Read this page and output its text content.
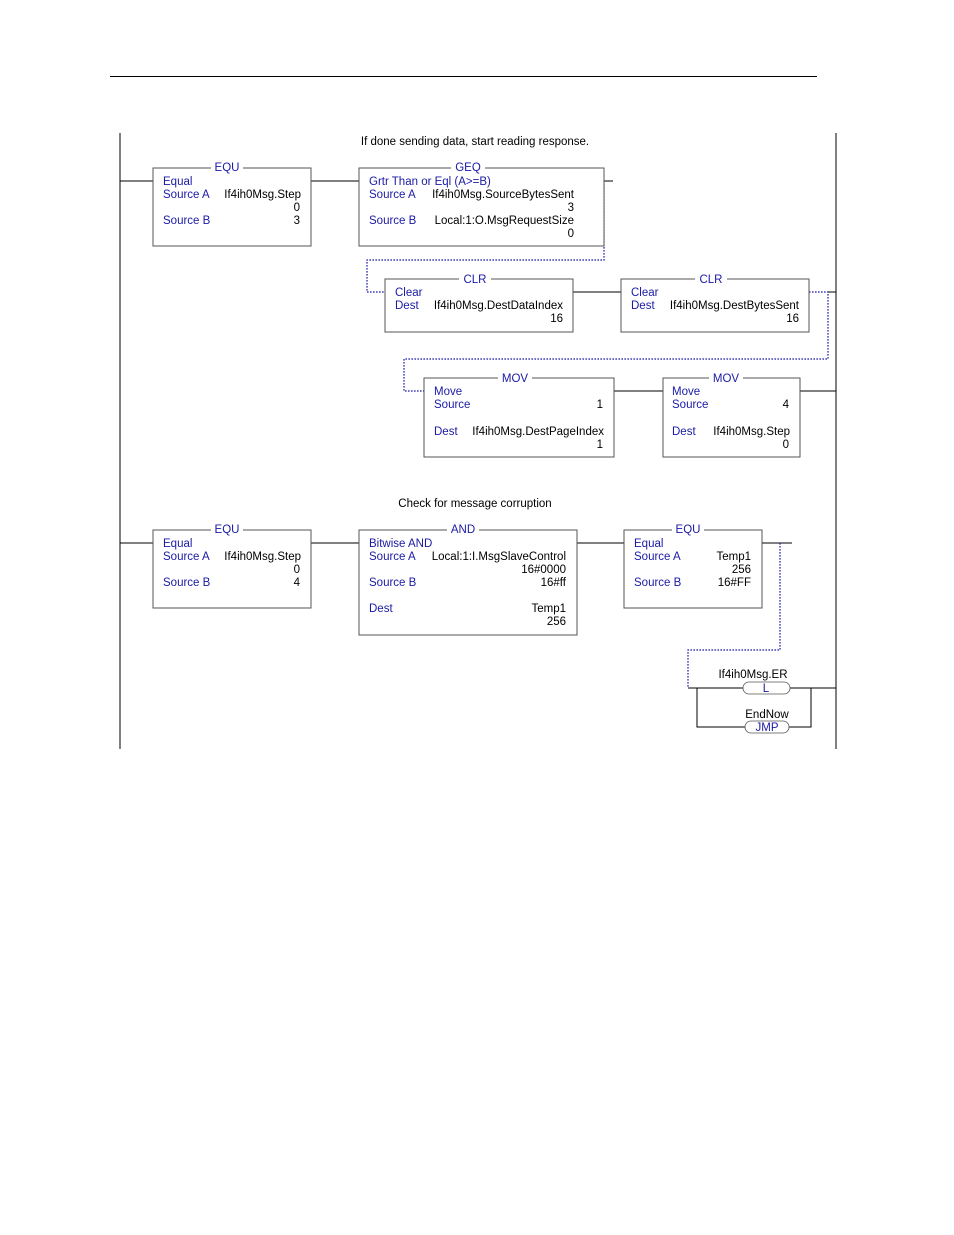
If done sending data, start reading response.
EQU
Equal
Source A If4ih0Msg.Step
0
Source B	3
GEQ
Grtr Than or Eql (A>=B)
Source A If4ih0Msg.SourceBytesSent
3
Source B Local:1:O.MsgRequestSize
0
CLR
Clear
Dest If4ih0Msg.DestDataIndex
16
CLR
Clear
Dest If4ih0Msg.DestBytesSent
16
MOV
Move
Source	1
Dest If4ih0Msg.DestPageIndex
1
MOV
Move
Source	4
Dest If4ih0Msg.Step
0
Check for message corruption
EQU
Equal
Source A If4ih0Msg.Step
0
Source B	4
AND
Bitwise AND
Source A Local:1:I.MsgSlaveControl
16#0000
Source B	16#ff
Dest	Temp1
256
EQU
Equal
Source A	Temp1
256
Source B	16#FF
If4ih0Msg.ER
L
EndNow
JMP
